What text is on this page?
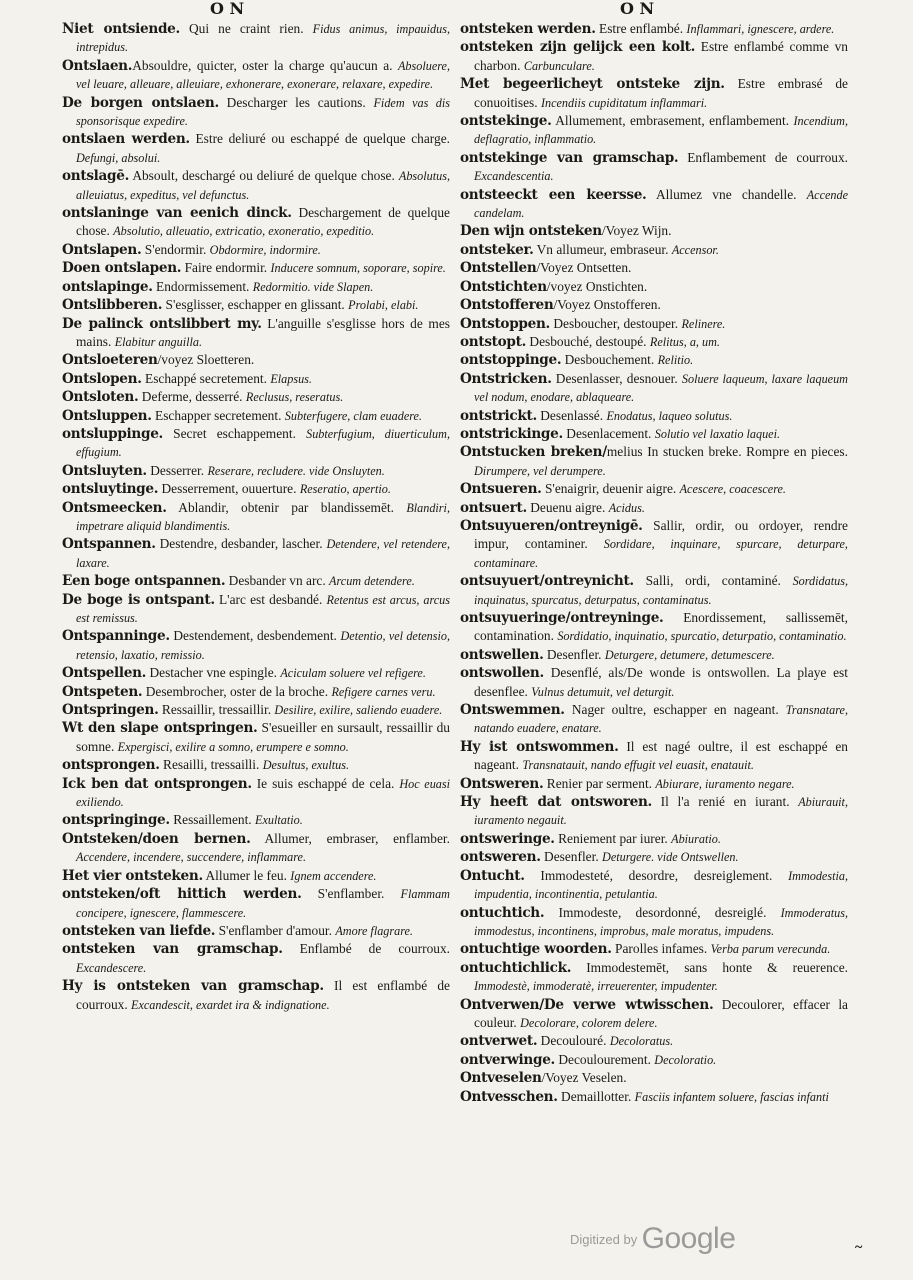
O N	O N

Niet ontsiende. Qui ne craint rien. Fidus animus, impauidus, intrepidus.

Ontslaen.Absouldre, quicter, oster la charge qu'aucun a. Absoluere, vel leuare, alleuare, alleuiare, exhonerare, exonerare, relaxare, expedire.

De borgen ontslaen. Descharger les cautions. Fidem vas dis sponsorisque expedire.

ontslaen werden. Estre deliuré ou eschappé de quelque charge. Defungi, absolui.

ontslagē. Absoult, deschargé ou deliuré de quelque chose. Absolutus, alleuiatus, expeditus, vel defunctus.

ontslaninge van eenich dinck. Deschargement de quelque chose. Absolutio, alleuatio, extricatio, exoneratio, expeditio.

Ontslapen. S'endormir. Obdormire, indormire.

Doen ontslapen. Faire endormir. Inducere somnum, soporare, sopire.

ontslapinge. Endormissement. Redormitio. vide Slapen.

Ontslibberen. S'esglisser, eschapper en glissant. Prolabi, elabi.

De palinck ontslibbert my. L'anguille s'esglisse hors de mes mains. Elabitur anguilla.

Ontsloeteren/voyez Sloetteren.

Ontslopen. Eschappé secretement. Elapsus.

Ontsloten. Deferme, desserré. Reclusus, reseratus.

Ontsluppen. Eschapper secretement. Subterfugere, clam euadere.

ontsluppinge. Secret eschappement. Subterfugium, diuerticulum, effugium.

Ontsluyten. Desserrer. Reserare, recludere. vide Onsluyten.

ontsluytinge. Desserrement, ouuerture. Reseratio, apertio.

Ontsmeecken. Ablandir, obtenir par blandissemēt. Blandiri, impetrare aliquid blandimentis.

Ontspannen. Destendre, desbander, lascher. Detendere, vel retendere, laxare.

Een boge ontspannen. Desbander vn arc. Arcum detendere.

De boge is ontspant. L'arc est desbandé. Retentus est arcus, arcus est remissus.

Ontspanninge. Destendement, desbendement. Detentio, vel detensio, retensio, laxatio, remissio.

Ontspellen. Destacher vne espingle. Aciculam soluere vel refigere.

Ontspeten. Desembrocher, oster de la broche. Refigere carnes veru.

Ontspringen. Ressaillir, tressaillir. Desilire, exilire, saliendo euadere.

Wt den slape ontspringen. S'esueiller en sursault, ressaillir du somne. Expergisci, exilire a somno, erumpere e somno.

ontsprongen. Resailli, tressailli. Desultus, exultus.

Ick ben dat ontsprongen. Ie suis eschappé de cela. Hoc euasi exiliendo.

ontspringinge. Ressaillement. Exultatio.

Ontsteken/doen bernen. Allumer, embraser, enflamber. Accendere, incendere, succendere, inflammare.

Het vier ontsteken. Allumer le feu. Ignem accendere.

ontsteken/oft hittich werden. S'enflamber. Flammam concipere, ignescere, flammescere.

ontsteken van liefde. S'enflamber d'amour. Amore flagrare.

ontsteken van gramschap. Enflambé de courroux. Excandescere.

Hy is ontsteken van gramschap. Il est enflambé de courroux. Excandescit, exardet ira & indignatione.

ontsteken werden. Estre enflambé. Inflammari, ignescere, ardere.

ontsteken zijn gelijck een kolt. Estre enflambé comme vn charbon. Carbunculare.

Met begeerlicheyt ontsteke zijn. Estre embrasé de conuoitises. Incendiis cupiditatum inflammari.

ontstekinge. Allumement, embrasement, enflambement. Incendium, deflagratio, inflammatio.

ontstekinge van gramschap. Enflambement de courroux. Excandescentia.

ontsteeckt een keersse. Allumez vne chandelle. Accende candelam.

Den wijn ontsteken/Voyez Wijn.

ontsteker. Vn allumeur, embraseur. Accensor.

Ontstellen/Voyez Ontsetten.

Ontstichten/voyez Onstichten.

Ontstofferen/Voyez Onstofferen.

Ontstoppen. Desboucher, destouper. Relinere.

ontstopt. Desbouché, destoupé. Relitus, a, um.

ontstoppinge. Desbouchement. Relitio.

Ontstricken. Desenlasser, desnouer. Soluere laqueum, laxare laqueum vel nodum, enodare, ablaqueare.

ontstrickt. Desenlassé. Enodatus, laqueo solutus.

ontstrickinge. Desenlacement. Solutio vel laxatio laquei.

Ontstucken breken/melius In stucken breke. Rompre en pieces. Dirumpere, vel derumpere.

Ontsueren. S'enaigrir, deuenir aigre. Acescere, coacescere.

ontsuert. Deuenu aigre. Acidus.

Ontsuyueren/ontreynigē. Sallir, ordir, ou ordoyer, rendre impur, contaminer. Sordidare, inquinare, spurcare, deturpare, contaminare.

ontsuyuert/ontreynicht. Salli, ordi, contaminé. Sordidatus, inquinatus, spurcatus, deturpatus, contaminatus.

ontsuyueringe/ontreyninge. Enordissement, sallissemēt, contamination. Sordidatio, inquinatio, spurcatio, deturpatio, contaminatio.

ontswellen. Desenfler. Deturgere, detumere, detumescere.

ontswollen. Desenflé, als/De wonde is ontswollen. La playe est desenflee. Vulnus detumuit, vel deturgit.

Ontswemmen. Nager oultre, eschapper en nageant. Transnatare, natando euadere, enatare.

Hy ist ontswommen. Il est nagé oultre, il est eschappé en nageant. Transnatauit, nando effugit vel euasit, enatauit.

Ontsweren. Renier par serment. Abiurare, iuramento negare.

Hy heeft dat ontsworen. Il l'a renié en iurant. Abiurauit, iuramento negauit.

ontsweringe. Reniement par iurer. Abiuratio.

ontsweren. Desenfler. Deturgere. vide Ontswellen.

Ontucht. Immodesteté, desordre, desreiglement. Immodestia, impudentia, incontinentia, petulantia.

ontuchtich. Immodeste, desordonné, desreiglé. Immoderatus, immodestus, incontinens, improbus, male moratus, impudens.

ontuchtige woorden. Parolles infames. Verba parum verecunda.

ontuchtichlick. Immodestemēt, sans honte & reuerence. Immodestè, immoderatè, irreuerenter, impudenter.

Ontverwen/De verwe wtwisschen. Decoulorer, effacer la couleur. Decolorare, colorem delere.

ontverwet. Decoulouré. Decoloratus.

ontverwinge. Decoulourement. Decoloratio.

Ontveselen/Voyez Veselen.

Ontvesschen. Demaillotter. Fasciis infantem soluere, fascias infanti

$^{Digitized by}$ Google	~
